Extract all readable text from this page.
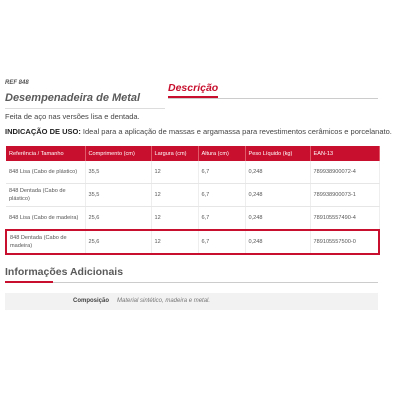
REF 848
Desempenadeira de Metal
Descrição
Feita de aço nas versões lisa e dentada.
INDICAÇÃO DE USO: Ideal para a aplicação de massas e argamassa para revestimentos cerâmicos e porcelanato.
Referência / Tamanho	Comprimento (cm)	Largura (cm)	Altura (cm)	Peso Líquido (kg)	EAN-13
848 Lisa (Cabo de plástico)	35,5	12	6,7	0,248	789938900072-4
848 Dentada (Cabo de plástico)	35,5	12	6,7	0,248	789938900073-1
848 Lisa (Cabo de madeira)	25,6	12	6,7	0,248	789105557490-4
848 Dentada (Cabo de madeira)	25,6	12	6,7	0,248	789105557500-0
Informações Adicionais
Composição Material sintético, madeira e metal.
